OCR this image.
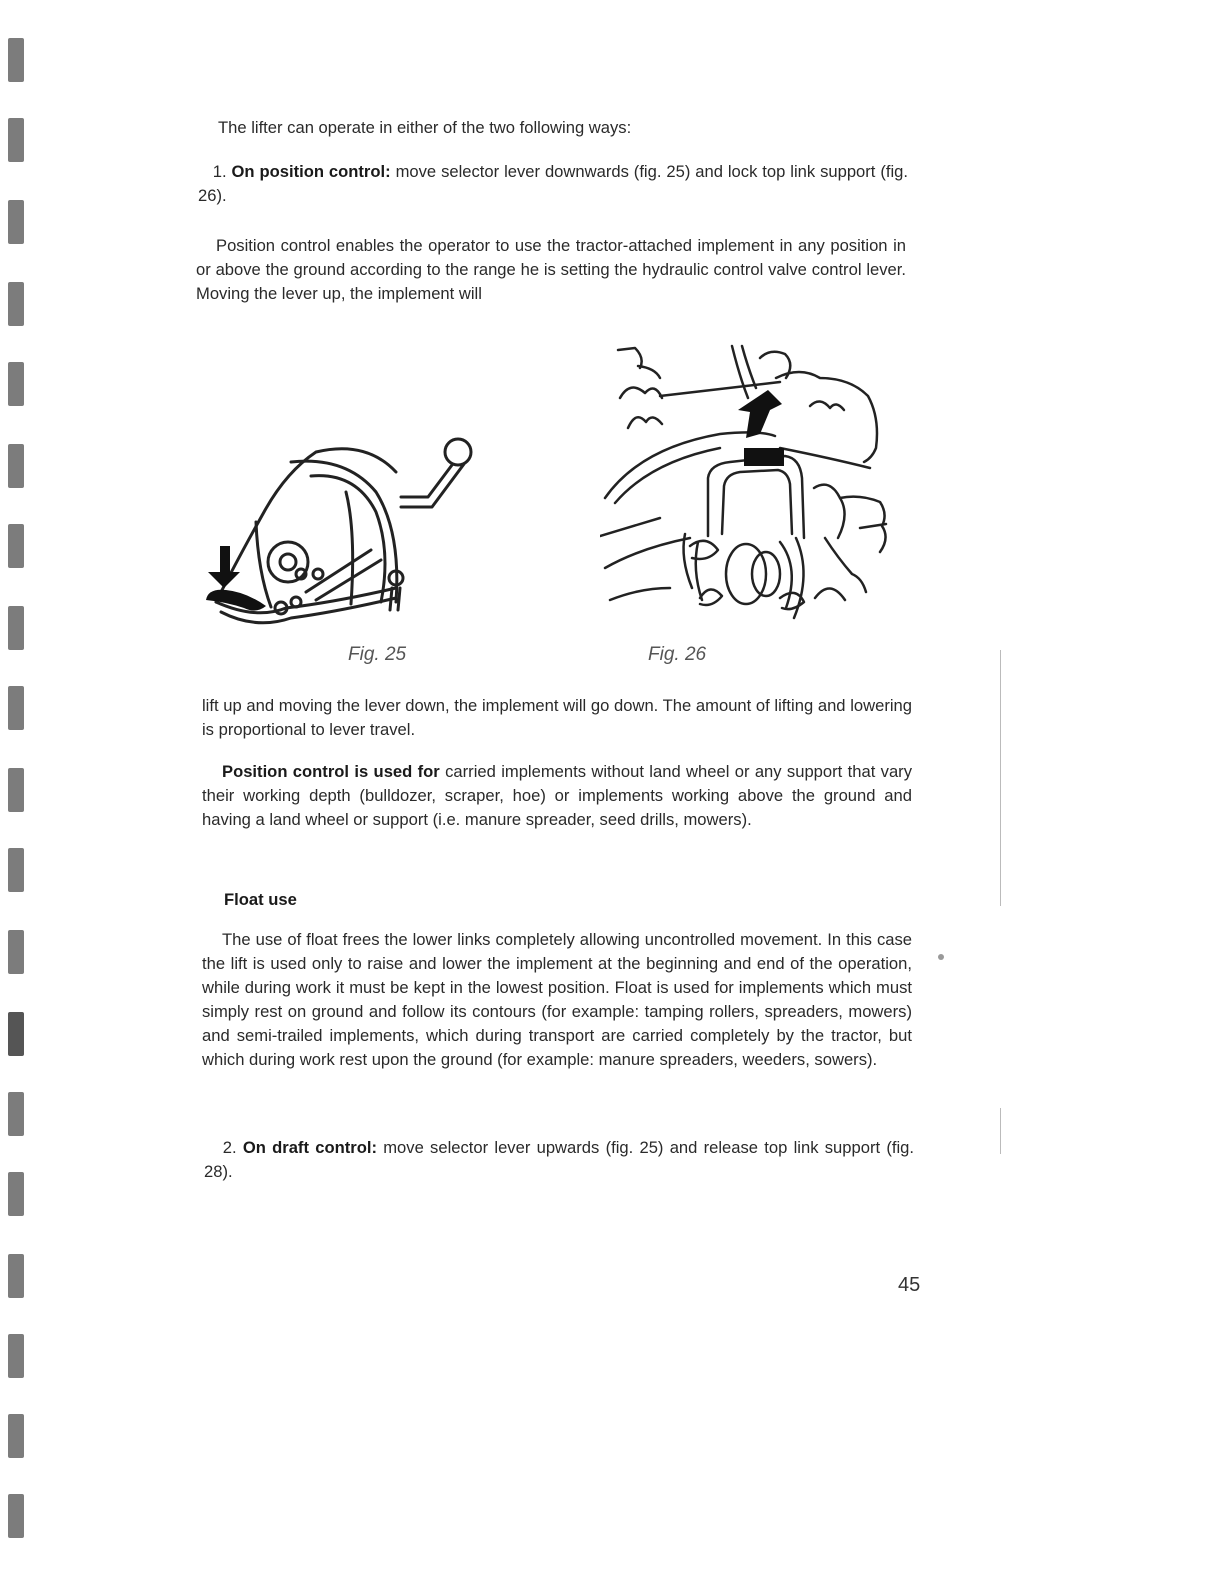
The lifter can operate in either of the two following ways:

1. On position control: move selector lever downwards (fig. 25) and lock top link support (fig. 26).

Position control enables the operator to use the tractor-attached implement in any position in or above the ground according to the range he is setting the hydraulic control valve control lever. Moving the lever up, the implement will

Fig. 25	Fig. 26

lift up and moving the lever down, the implement will go down. The amount of lifting and lowering is proportional to lever travel.

Position control is used for carried implements without land wheel or any support that vary their working depth (bulldozer, scraper, hoe) or implements working above the ground and having a land wheel or support (i.e. manure spreader, seed drills, mowers).

Float use

The use of float frees the lower links completely allowing uncontrolled movement. In this case the lift is used only to raise and lower the implement at the beginning and end of the operation, while during work it must be kept in the lowest position. Float is used for implements which must simply rest on ground and follow its contours (for example: tamping rollers, spreaders, mowers) and semi-trailed implements, which during transport are carried completely by the tractor, but which during work rest upon the ground (for example: manure spreaders, weeders, sowers).

2. On draft control: move selector lever upwards (fig. 25) and release top link support (fig. 28).

45
